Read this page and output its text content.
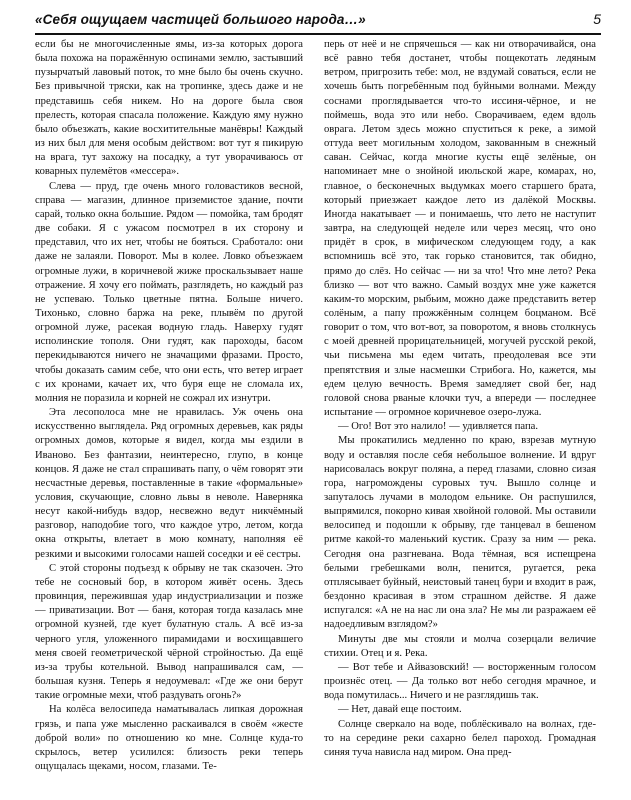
«Себя ощущаем частицей большого народа…»	5

если бы не многочисленные ямы, из-за которых дорога была похожа на поражённую оспинами землю, застывший пузырчатый лавовый поток, то мне было бы очень скучно. Без привычной тряски, как на тропинке, здесь даже и не представишь себя никем. Но на дороге была своя прелесть, которая спасала положение. Каждую яму нужно было объезжать, какие восхитительные манёвры! Каждый из них был для меня особым действом: вот тут я пикирую на врага, тут захожу на посадку, а тут уворачиваюсь от коварных пулемётов «мессера».

Слева — пруд, где очень много головастиков весной, справа — магазин, длинное приземистое здание, почти сарай, только окна большие. Рядом — помойка, там бродят две собаки. Я с ужасом посмотрел в их сторону и представил, что их нет, чтобы не бояться. Сработало: они даже не залаяли. Поворот. Мы в колее. Ловко объезжаем огромные лужи, в коричневой жиже проскальзывает наше отражение. Я хочу его поймать, разглядеть, но каждый раз не успеваю. Только цветные пятна. Больше ничего. Тихонько, словно баржа на реке, плывём по другой огромной луже, расекая водную гладь. Наверху гудят исполинские тополя. Они гудят, как пароходы, басом перекидываются ничего не значащими фразами. Просто, чтобы доказать самим себе, что они есть, что ветер играет с их кронами, качает их, что буря еще не сломала их, молния не поразила и корней не сожрал их изнутри.

Эта лесополоса мне не нравилась. Уж очень она искусственно выглядела. Ряд огромных деревьев, как ряды огромных домов, которые я видел, когда мы ездили в Иваново. Без фантазии, неинтересно, глупо, в конце концов. Я даже не стал спрашивать папу, о чём говорят эти несчастные деревья, поставленные в такие «формальные» условия, скучающие, словно львы в неволе. Наверняка несут какой-нибудь вздор, несвежно ведут никчёмный разговор, наподобие того, что каждое утро, летом, когда окна открыты, влетает в мою комнату, наполняя её резкими и высокими голосами нашей соседки и её сестры.

С этой стороны подъезд к обрыву не так сказочен. Это тебе не сосновый бор, в котором живёт осень. Здесь провинция, пережившая удар индустриализации и позже — приватизации. Вот — баня, которая тогда казалась мне огромной кузней, где кует булатную сталь. А всё из-за черного угля, уложенного пирамидами и восхищавшего меня своей геометрической чёрной стройностью. Да ещё из-за трубы котельной. Вывод напрашивался сам, — большая кузня. Теперь я недоумевал: «Где же они берут такие огромные мехи, чтоб раздувать огонь?»

На колёса велосипеда наматывалась липкая дорожная грязь, и папа уже мысленно раскаивался в своём «жесте доброй воли» по отношению ко мне. Солнце куда-то скрылось, ветер усилился: близость реки теперь ощущалась щеками, носом, глазами. Те-

перь от неё и не спрячешься — как ни отворачивайся, она всё равно тебя достанет, чтобы пощекотать ледяным ветром, пригрозить тебе: мол, не вздумай соваться, если не хочешь быть погребённым под буйными волнами. Между соснами проглядывается что-то иссиня-чёрное, и не поймешь, вода это или небо. Сворачиваем, едем вдоль оврага. Летом здесь можно спуститься к реке, а зимой оттуда веет могильным холодом, закованным в снежный саван. Сейчас, когда многие кусты ещё зелёные, он напоминает мне о знойной июльской жаре, комарах, но, главное, о бесконечных выдумках моего старшего брата, который приезжает каждое лето из далёкой Москвы. Иногда накатывает — и понимаешь, что лето не наступит завтра, на следующей неделе или через месяц, что оно придёт в срок, в мифическом следующем году, а как вспомнишь всё это, так горько становится, так обидно, прямо до слёз. Но сейчас — ни за что! Что мне лето? Река близко — вот что важно. Самый воздух мне уже кажется каким-то морским, рыбьим, можно даже представить ветер солёным, а папу прожжённым солнцем боцманом. Всё говорит о том, что вот-вот, за поворотом, я вновь столкнусь с моей древней прорицательницей, могучей русской рекой, чьи письмена мы едем читать, преодолевая все эти препятствия и злые насмешки Стрибога. Но, кажется, мы едем целую вечность. Время замедляет свой бег, над головой снова рваные клочки туч, а впереди — последнее испытание — огромное коричневое озеро-лужа.

— Ого! Вот это налило! — удивляется папа.

Мы прокатились медленно по краю, взрезав мутную воду и оставляя после себя небольшое волнение. И вдруг нарисовалась вокруг поляна, а перед глазами, словно сизая гора, нагромождены суровых туч. Вышло солнце и запуталось лучами в молодом ельнике. Он распушился, выпрямился, покорно кивая хвойной головой. Мы оставили велосипед и подошли к обрыву, где танцевал в бешеном ритме какой-то маленький кустик. Сразу за ним — река. Сегодня она разгневана. Вода тёмная, вся испещрена белыми гребешками волн, пенится, ругается, река отплясывает буйный, неистовый танец бури и входит в раж, бездонно красивая в этом страшном действе. Я даже испугался: «А не на нас ли она зла? Не мы ли разражаем её надоедливым взглядом?»

Минуты две мы стояли и молча созерцали величие стихии. Отец и я. Река.

— Вот тебе и Айвазовский! — восторженным голосом произнёс отец. — Да только вот небо сегодня мрачное, и вода помутилась... Ничего и не разглядишь так.

— Нет, давай еще постоим.

Солнце сверкало на воде, поблёскивало на волнах, где-то на середине реки сахарно белел пароход. Громадная синяя туча нависла над миром. Она пред-
